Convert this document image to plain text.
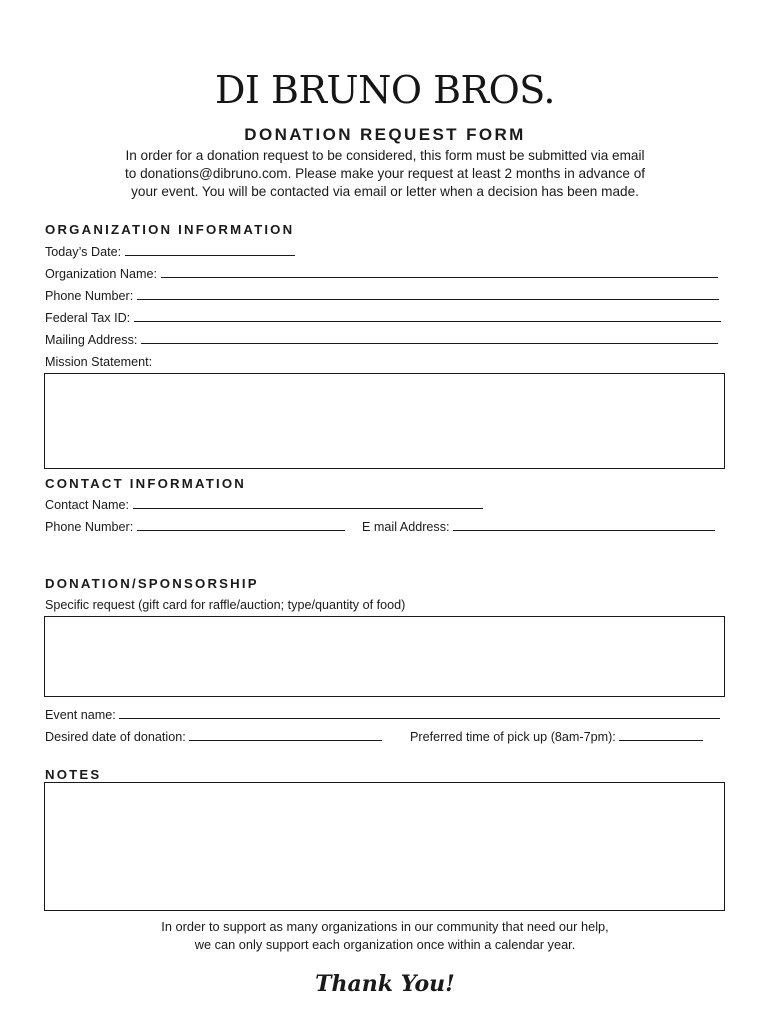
DI BRUNO BROS.
DONATION REQUEST FORM
In order for a donation request to be considered, this form must be submitted via email
to donations@dibruno.com. Please make your request at least 2 months in advance of
your event. You will be contacted via email or letter when a decision has been made.
ORGANIZATION INFORMATION
Today’s Date:
Organization Name:
Phone Number:
Federal Tax ID:
Mailing Address:
Mission Statement:
CONTACT INFORMATION
Contact Name:
Phone Number:	E mail Address:
DONATION/SPONSORSHIP
Specific request (gift card for raffle/auction; type/quantity of food)
Event name:
Desired date of donation:	Preferred time of pick up (8am-7pm):
NOTES
In order to support as many organizations in our community that need our help,
we can only support each organization once within a calendar year.
Thank You!
